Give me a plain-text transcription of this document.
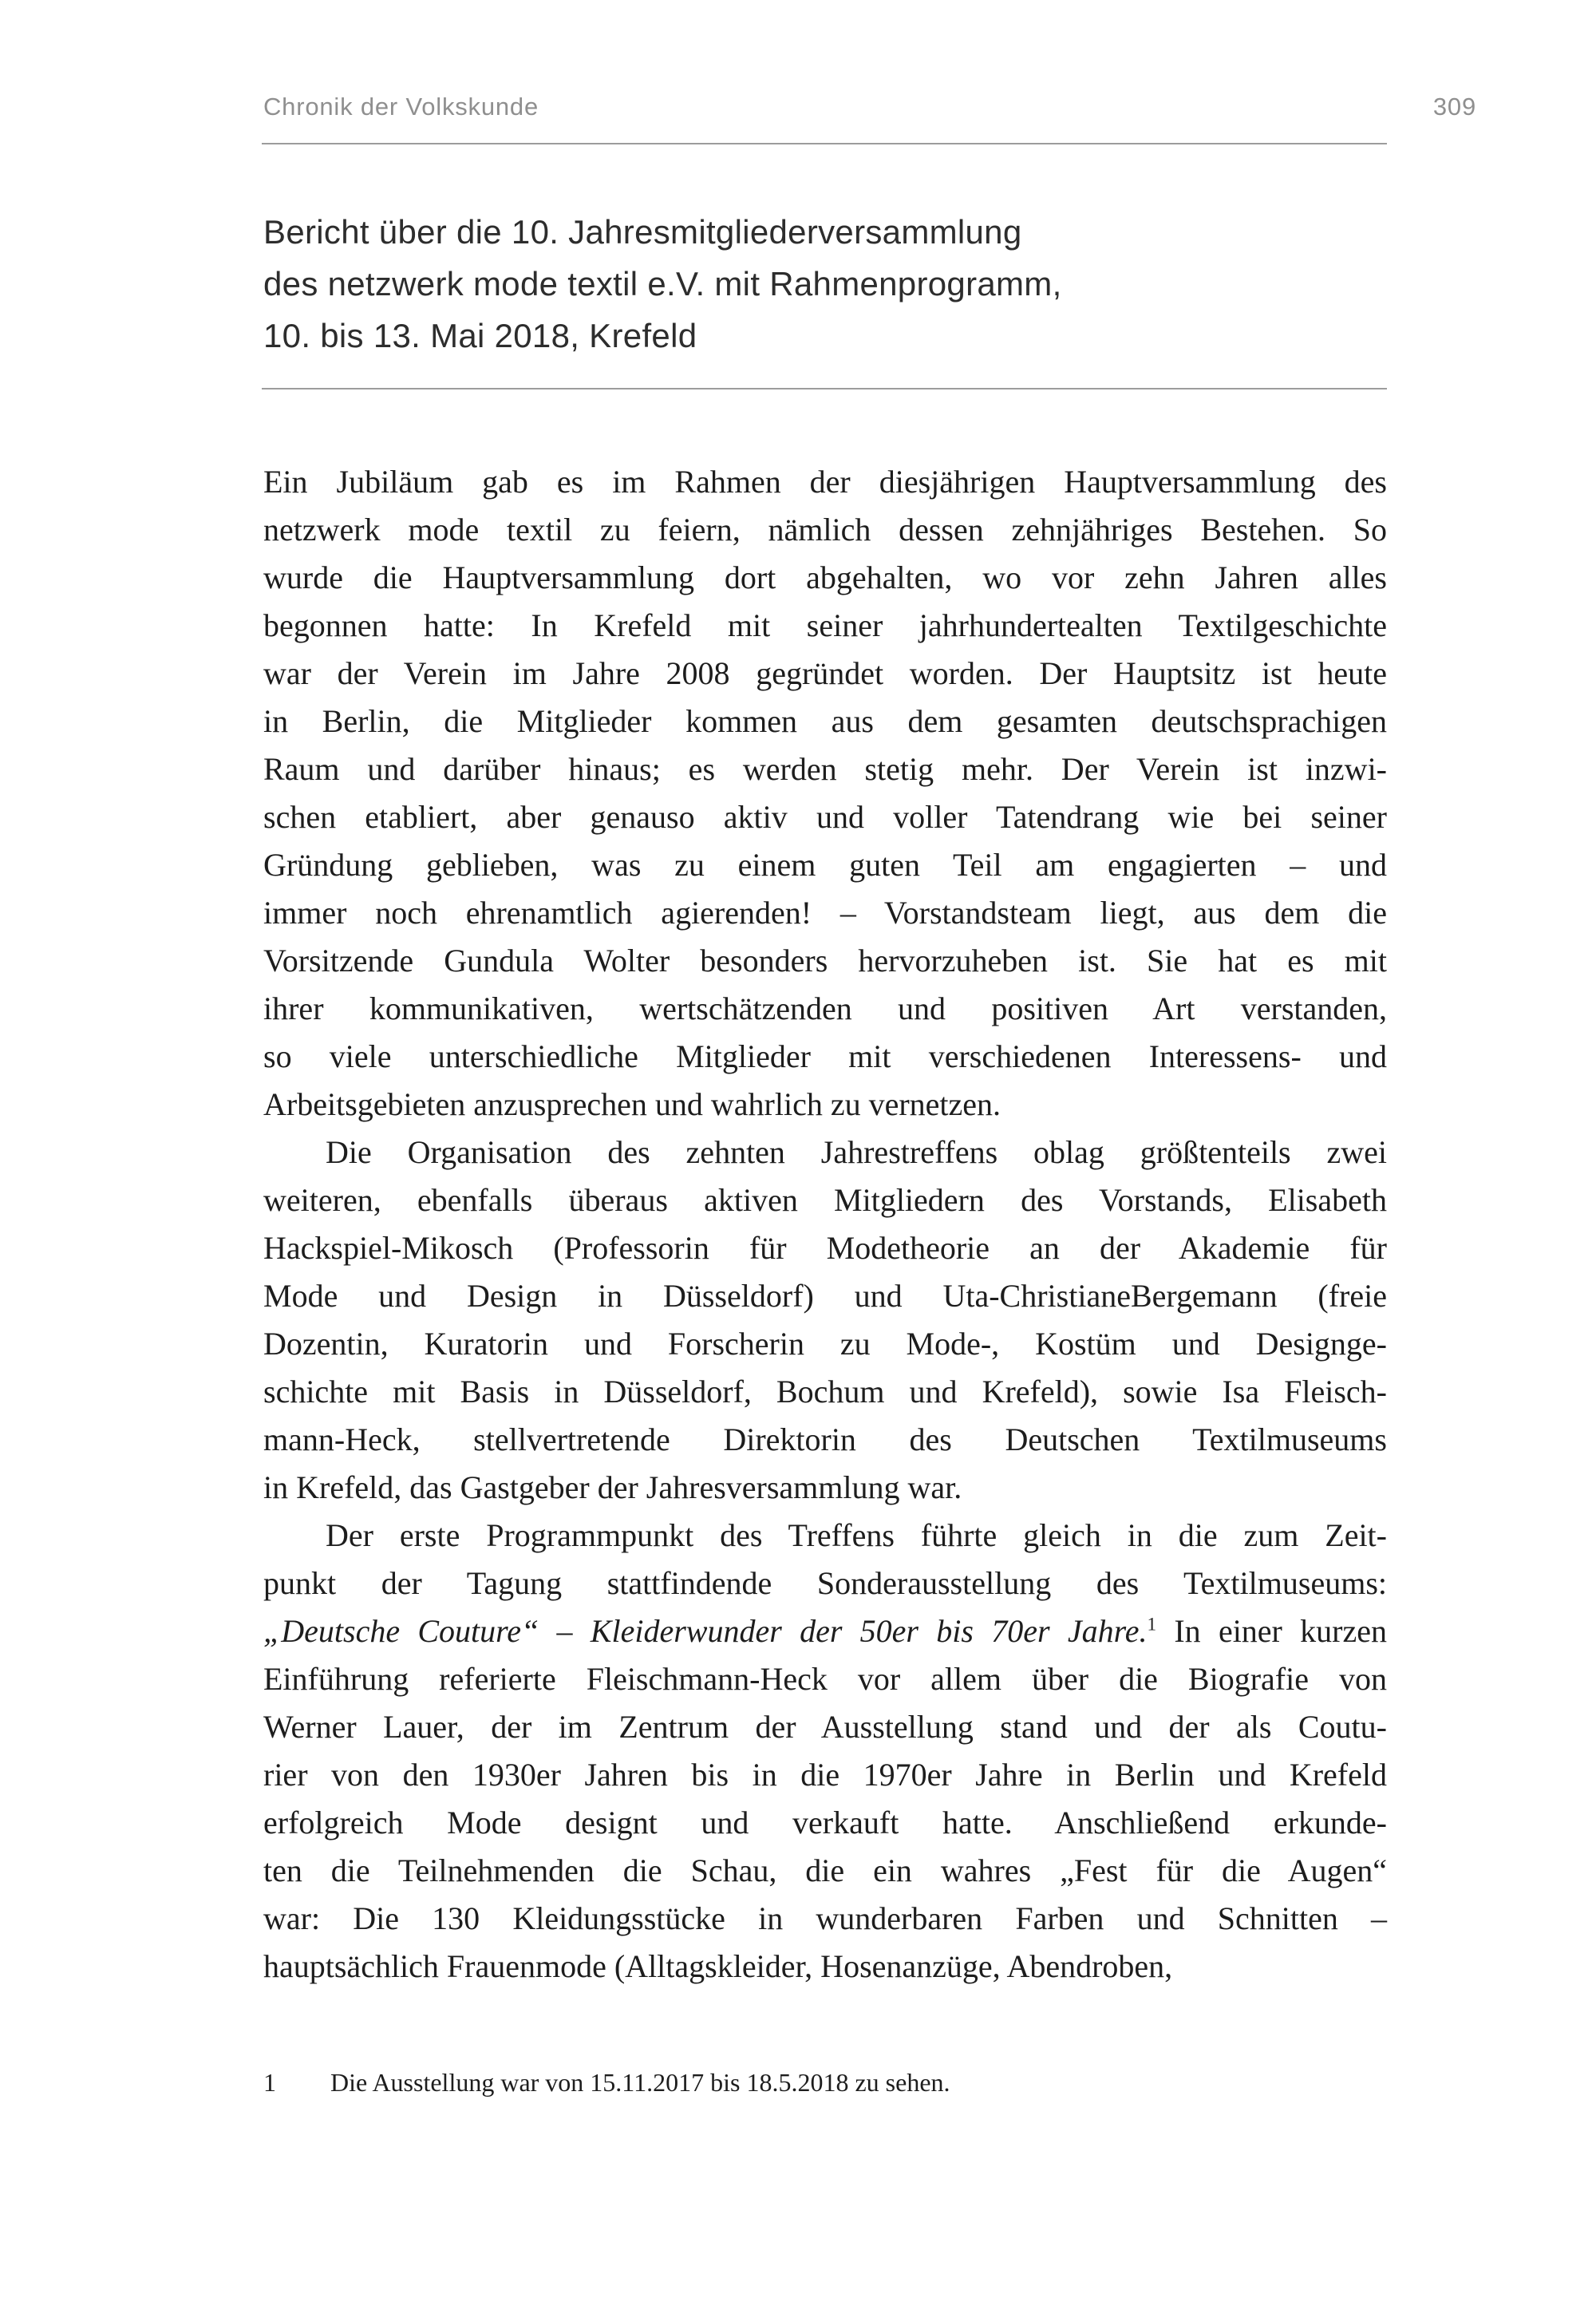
Chronik der Volkskunde	309
Bericht über die 10. Jahresmitgliederversammlung
des netzwerk mode textil e.V. mit Rahmenprogramm,
10. bis 13. Mai 2018, Krefeld
Ein Jubiläum gab es im Rahmen der diesjährigen Hauptversammlung des
netzwerk mode textil zu feiern, nämlich dessen zehnjähriges Bestehen. So
wurde die Hauptversammlung dort abgehalten, wo vor zehn Jahren alles
begonnen hatte: In Krefeld mit seiner jahrhundertealten Textilgeschichte
war der Verein im Jahre 2008 gegründet worden. Der Hauptsitz ist heute
in Berlin, die Mitglieder kommen aus dem gesamten deutschsprachigen
Raum und darüber hinaus; es werden stetig mehr. Der Verein ist inzwi-
schen etabliert, aber genauso aktiv und voller Tatendrang wie bei seiner
Gründung geblieben, was zu einem guten Teil am engagierten – und
immer noch ehrenamtlich agierenden! – Vorstandsteam liegt, aus dem die
Vorsitzende Gundula Wolter besonders hervorzuheben ist. Sie hat es mit
ihrer kommunikativen, wertschätzenden und positiven Art verstanden,
so viele unterschiedliche Mitglieder mit verschiedenen Interessens- und
Arbeitsgebieten anzusprechen und wahrlich zu vernetzen.
Die Organisation des zehnten Jahrestreffens oblag größtenteils zwei
weiteren, ebenfalls überaus aktiven Mitgliedern des Vorstands, Elisabeth
Hackspiel-Mikosch (Professorin für Modetheorie an der Akademie für
Mode und Design in Düsseldorf) und Uta-ChristianeBergemann (freie
Dozentin, Kuratorin und Forscherin zu Mode-, Kostüm und Designge-
schichte mit Basis in Düsseldorf, Bochum und Krefeld), sowie Isa Fleisch-
mann-Heck, stellvertretende Direktorin des Deutschen Textilmuseums
in Krefeld, das Gastgeber der Jahresversammlung war.
Der erste Programmpunkt des Treffens führte gleich in die zum Zeit-
punkt der Tagung stattfindende Sonderausstellung des Textilmuseums:
„Deutsche Couture“ – Kleiderwunder der 50er bis 70er Jahre.$^1$ In einer kurzen
Einführung referierte Fleischmann-Heck vor allem über die Biografie von
Werner Lauer, der im Zentrum der Ausstellung stand und der als Coutu-
rier von den 1930er Jahren bis in die 1970er Jahre in Berlin und Krefeld
erfolgreich Mode designt und verkauft hatte. Anschließend erkunde-
ten die Teilnehmenden die Schau, die ein wahres „Fest für die Augen“
war: Die 130 Kleidungsstücke in wunderbaren Farben und Schnitten –
hauptsächlich Frauenmode (Alltagskleider, Hosenanzüge, Abendroben,
1	Die Ausstellung war von 15.11.2017 bis 18.5.2018 zu sehen.
